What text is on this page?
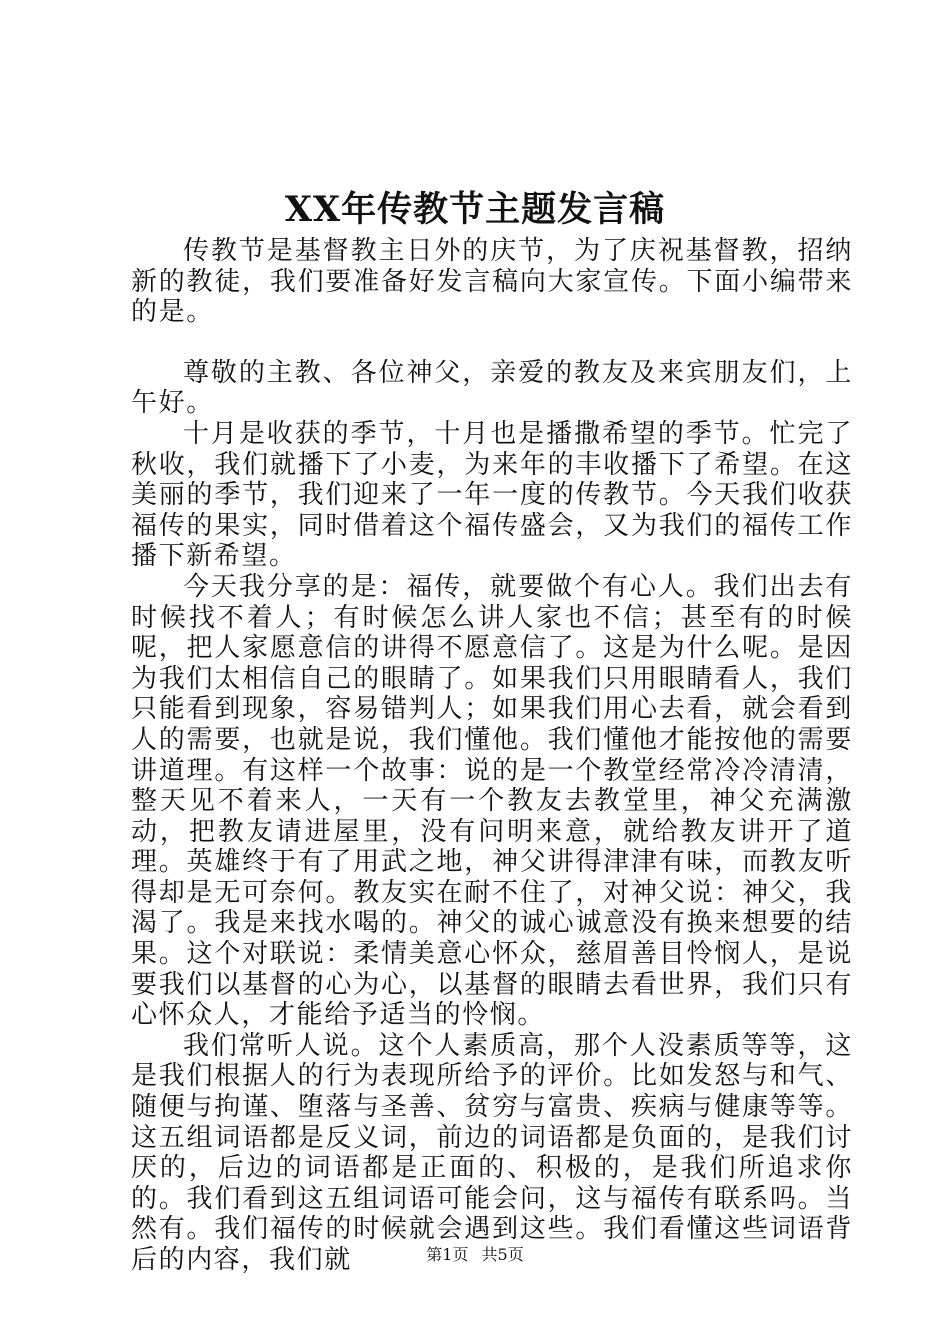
XX年传教节主题发言稿

传教节是基督教主日外的庆节，为了庆祝基督教，招纳新的教徒，我们要准备好发言稿向大家宣传。下面小编带来的是。

尊敬的主教、各位神父，亲爱的教友及来宾朋友们，上午好。

十月是收获的季节，十月也是播撒希望的季节。忙完了秋收，我们就播下了小麦，为来年的丰收播下了希望。在这美丽的季节，我们迎来了一年一度的传教节。今天我们收获福传的果实，同时借着这个福传盛会，又为我们的福传工作播下新希望。

今天我分享的是：福传，就要做个有心人。我们出去有时候找不着人；有时候怎么讲人家也不信；甚至有的时候呢，把人家愿意信的讲得不愿意信了。这是为什么呢。是因为我们太相信自己的眼睛了。如果我们只用眼睛看人，我们只能看到现象，容易错判人；如果我们用心去看，就会看到人的需要，也就是说，我们懂他。我们懂他才能按他的需要讲道理。有这样一个故事：说的是一个教堂经常冷冷清清，整天见不着来人，一天有一个教友去教堂里，神父充满激动，把教友请进屋里，没有问明来意，就给教友讲开了道理。英雄终于有了用武之地，神父讲得津津有味，而教友听得却是无可奈何。教友实在耐不住了，对神父说：神父，我渴了。我是来找水喝的。神父的诚心诚意没有换来想要的结果。这个对联说：柔情美意心怀众，慈眉善目怜悯人，是说要我们以基督的心为心，以基督的眼睛去看世界，我们只有心怀众人，才能给予适当的怜悯。

我们常听人说。这个人素质高，那个人没素质等等，这是我们根据人的行为表现所给予的评价。比如发怒与和气、随便与拘谨、堕落与圣善、贫穷与富贵、疾病与健康等等。这五组词语都是反义词，前边的词语都是负面的，是我们讨厌的，后边的词语都是正面的、积极的，是我们所追求你的。我们看到这五组词语可能会问，这与福传有联系吗。当然有。我们福传的时候就会遇到这些。我们看懂这些词语背后的内容，我们就	第1页 共5页
